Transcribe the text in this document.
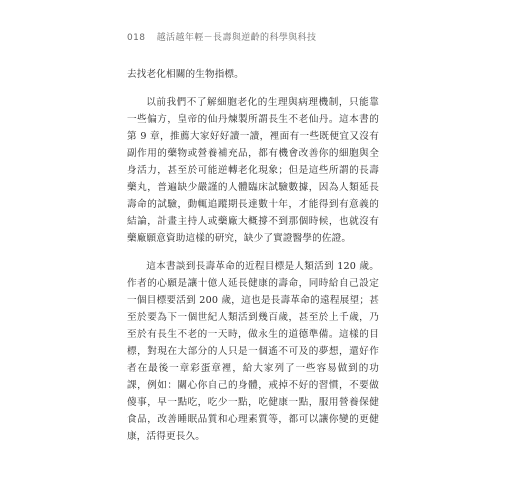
018 越活越年輕－長壽與逆齡的科學與科技

去找老化相關的生物指標。

以前我們不了解細胞老化的生理與病理機制，只能靠一些偏方，皇帝的仙丹煉製所謂長生不老仙丹。這本書的第 9 章，推薦大家好好讀一讀，裡面有一些既便宜又沒有副作用的藥物或營養補充品，都有機會改善你的細胞與全身活力，甚至於可能逆轉老化現象；但是這些所謂的長壽藥丸，普遍缺少嚴謹的人體臨床試驗數據，因為人類延長壽命的試驗，動輒追蹤期長達數十年，才能得到有意義的結論，計畫主持人或藥廠大概撐不到那個時候，也就沒有藥廠願意資助這樣的研究，缺少了實證醫學的佐證。

這本書談到長壽革命的近程目標是人類活到 120 歲。作者的心願是讓十億人延長健康的壽命，同時給自己設定一個目標要活到 200 歲，這也是長壽革命的遠程展望；甚至於要為下一個世紀人類活到幾百歲，甚至於上千歲，乃至於有長生不老的一天時，做永生的道德準備。這樣的目標，對現在大部分的人只是一個遙不可及的夢想，還好作者在最後一章彩蛋章裡，給大家列了一些容易做到的功課，例如：關心你自己的身體，戒掉不好的習慣，不要做傻事，早一點吃，吃少一點，吃健康一點，服用營養保健食品，改善睡眠品質和心理素質等，都可以讓你變的更健康，活得更長久。
